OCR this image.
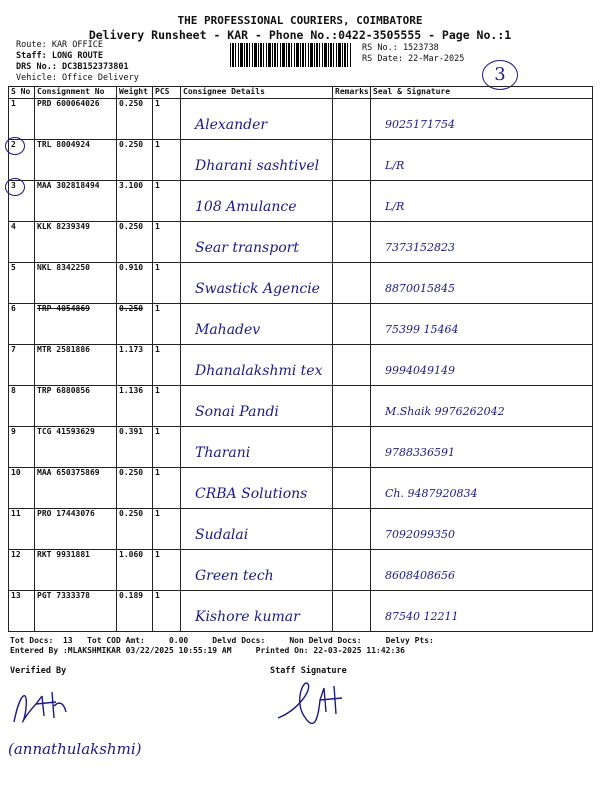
THE PROFESSIONAL COURIERS, COIMBATORE
Delivery Runsheet - KAR - Phone No.:0422-3505555 - Page No.:1
Route: KAR OFFICE
Staff: LONG ROUTE
DRS No.: DC3B152373801
Vehicle: Office Delivery
RS No.: 1523738
RS Date: 22-Mar-2025
3
S No	Consignment No	Weight	PCS	Consignee Details	Remarks	Seal & Signature
1	PRD 600064026	0.250	1	Alexander		9025171754

2	TRL 8004924	0.250	1	Dharani sashtivel		L/R

3	MAA 302818494	3.100	1	108 Amulance		L/R

4	KLK 8239349	0.250	1	Sear transport		7373152823

5	NKL 8342250	0.910	1	Swastick Agencie		8870015845

6	TRP 4054869	0.250	1	Mahadev		75399 15464

7	MTR 2581886	1.173	1	Dhanalakshmi tex		9994049149

8	TRP 6880856	1.136	1	Sonai Pandi		M.Shaik 9976262042

9	TCG 41593629	0.391	1	Tharani		9788336591

10	MAA 650375869	0.250	1	CRBA Solutions		Ch. 9487920834

11	PRO 17443076	0.250	1	Sudalai		7092099350

12	RKT 9931881	1.060	1	Green tech		8608408656

13	PGT 7333378	0.189	1	Kishore kumar		87540 12211
Tot Docs:  13   Tot COD Amt:     0.00     Delvd Docs:     Non Delvd Docs:     Delvy Pts:
Entered By :MLAKSHMIKAR 03/22/2025 10:55:19 AM     Printed On: 22-03-2025 11:42:36
Verified By	Staff Signature
(annathulakshmi)
